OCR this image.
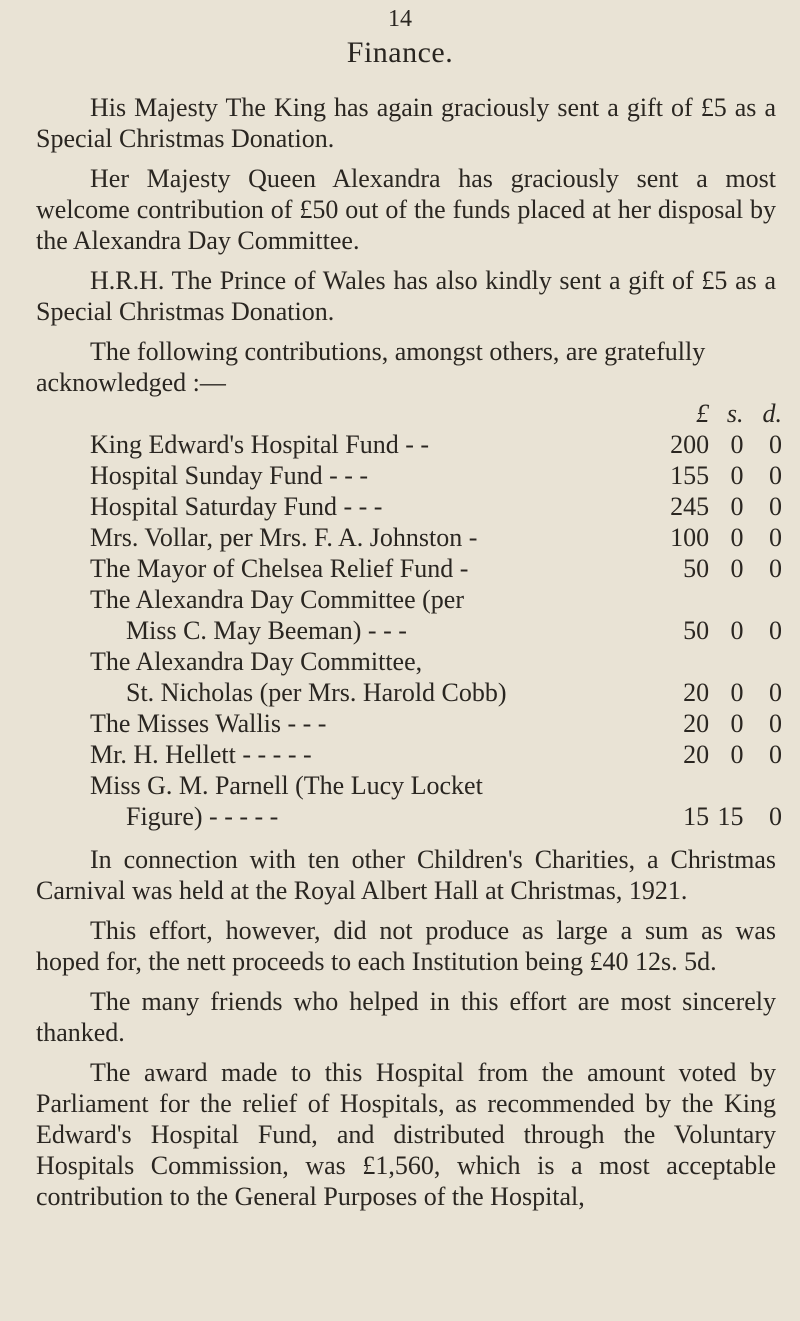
14
Finance.

His Majesty The King has again graciously sent a gift of £5 as a Special Christmas Donation.

Her Majesty Queen Alexandra has graciously sent a most welcome contribution of £50 out of the funds placed at her disposal by the Alexandra Day Committee.

H.R.H. The Prince of Wales has also kindly sent a gift of £5 as a Special Christmas Donation.

The following contributions, amongst others, are gratefully acknowledged :—

	£	s.	d.
King Edward's Hospital Fund - -	200	0	0
Hospital Sunday Fund - - -	155	0	0
Hospital Saturday Fund - - -	245	0	0
Mrs. Vollar, per Mrs. F. A. Johnston -	100	0	0
The Mayor of Chelsea Relief Fund -	50	0	0
The Alexandra Day Committee (per			
Miss C. May Beeman) - - -	50	0	0
The Alexandra Day Committee,			
St. Nicholas (per Mrs. Harold Cobb)	20	0	0
The Misses Wallis - - -	20	0	0
Mr. H. Hellett - - - - -	20	0	0
Miss G. M. Parnell (The Lucy Locket			
Figure) - - - - -	15	15	0

In connection with ten other Children's Charities, a Christmas Carnival was held at the Royal Albert Hall at Christmas, 1921.

This effort, however, did not produce as large a sum as was hoped for, the nett proceeds to each Institution being £40 12s. 5d.

The many friends who helped in this effort are most sincerely thanked.

The award made to this Hospital from the amount voted by Parliament for the relief of Hospitals, as recommended by the King Edward's Hospital Fund, and distributed through the Voluntary Hospitals Commission, was £1,560, which is a most acceptable contribution to the General Purposes of the Hospital,
